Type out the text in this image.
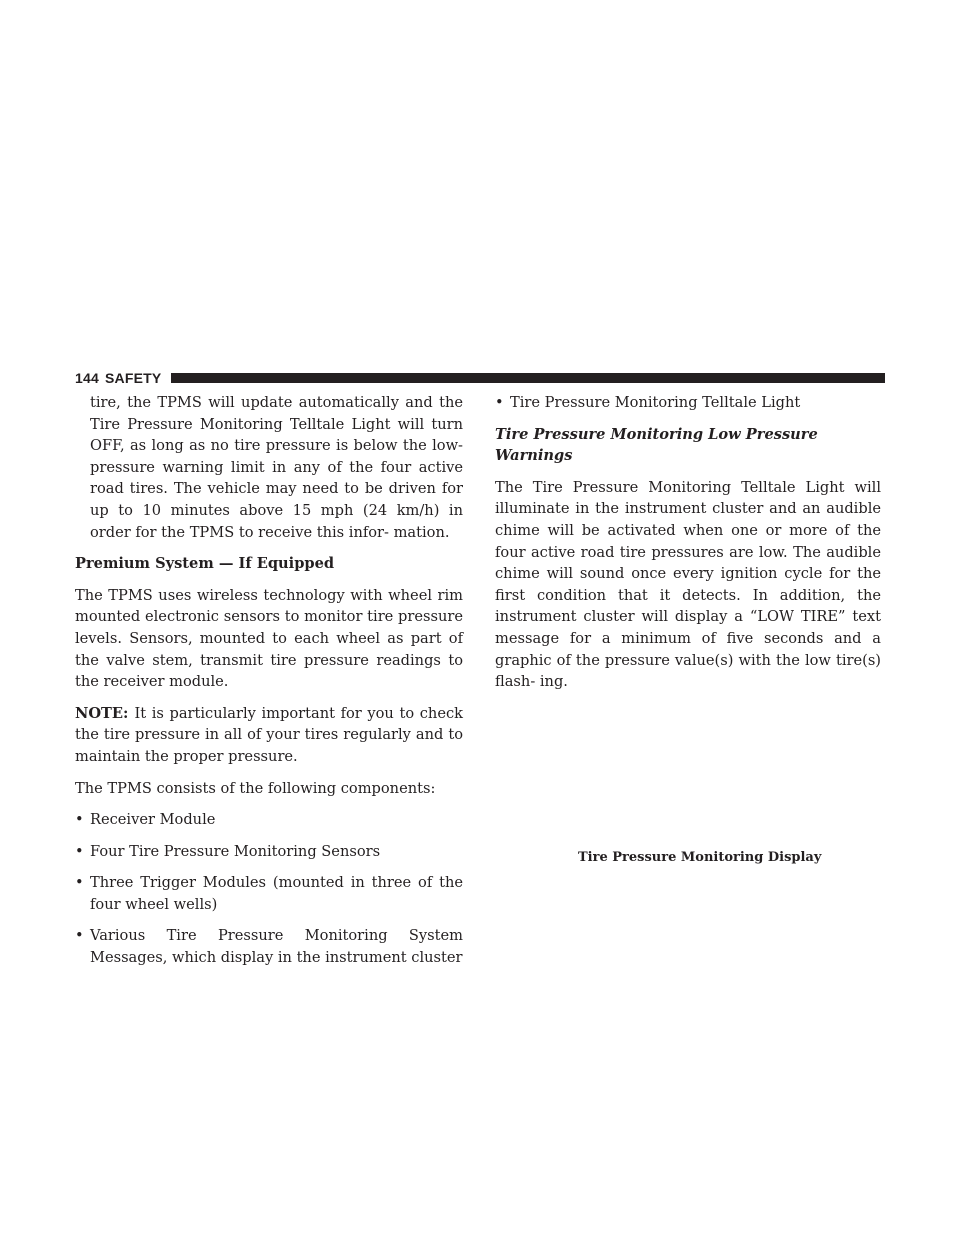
144 SAFETY

tire, the TPMS will update automatically and the Tire Pressure Monitoring Telltale Light will turn OFF, as long as no tire pressure is below the low-pressure warning limit in any of the four active road tires. The vehicle may need to be driven for up to 10 minutes above 15 mph (24 km/h) in order for the TPMS to receive this infor- mation.

Premium System — If Equipped

The TPMS uses wireless technology with wheel rim mounted electronic sensors to monitor tire pressure levels. Sensors, mounted to each wheel as part of the valve stem, transmit tire pressure readings to the receiver module.

NOTE: It is particularly important for you to check the tire pressure in all of your tires regularly and to maintain the proper pressure.

The TPMS consists of the following components:

• Receiver Module
• Four Tire Pressure Monitoring Sensors
• Three Trigger Modules (mounted in three of the four wheel wells)
• Various Tire Pressure Monitoring System Messages, which display in the instrument cluster
• Tire Pressure Monitoring Telltale Light
Tire Pressure Monitoring Low Pressure Warnings

The Tire Pressure Monitoring Telltale Light will illuminate in the instrument cluster and an audible chime will be activated when one or more of the four active road tire pressures are low. The audible chime will sound once every ignition cycle for the first condition that it detects. In addition, the instrument cluster will display a “LOW TIRE” text message for a minimum of five seconds and a graphic of the pressure value(s) with the low tire(s) flash- ing.

Tire Pressure Monitoring Display
